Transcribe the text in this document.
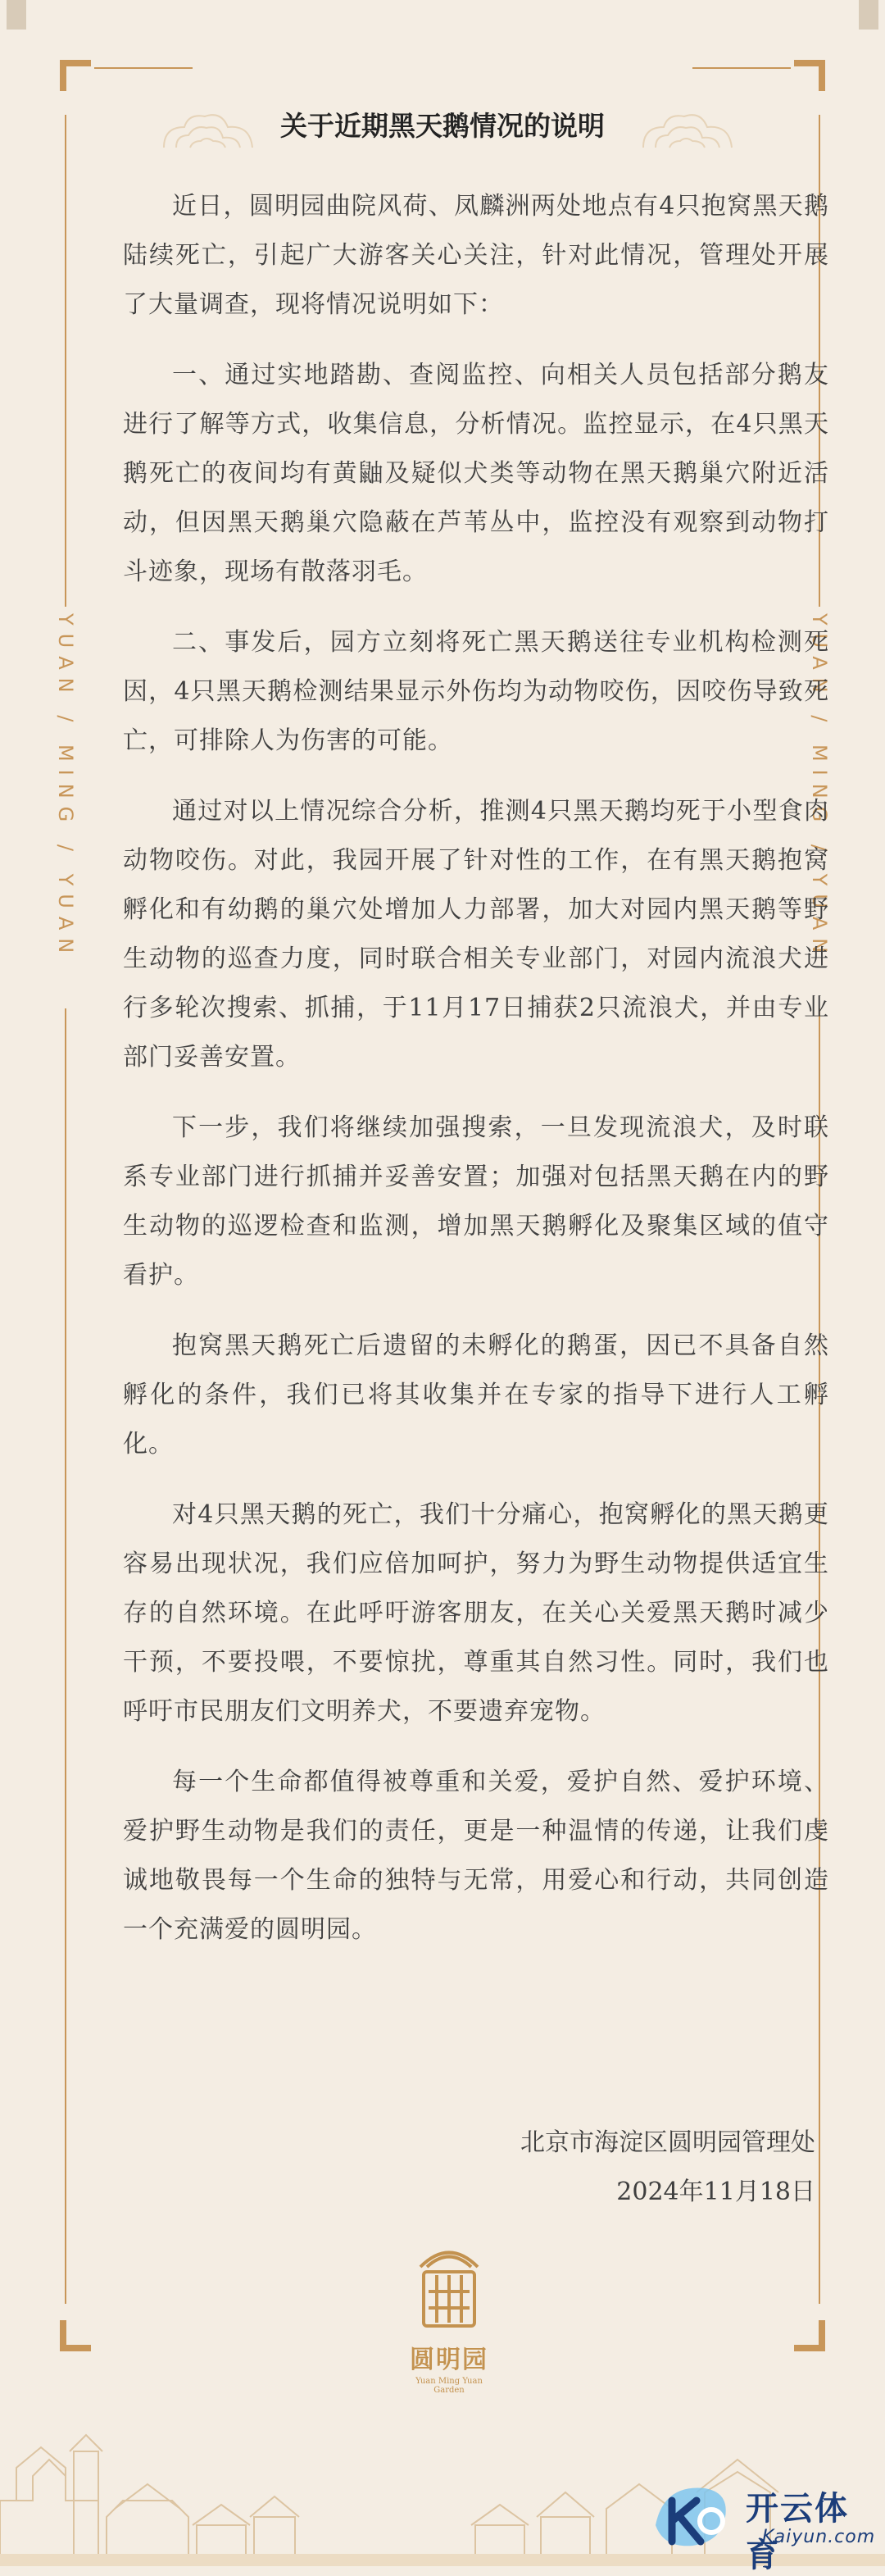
YUAN / MING / YUAN	YUAN / MING / YUAN
关于近期黑天鹅情况的说明

近日，圆明园曲院风荷、凤麟洲两处地点有4只抱窝黑天鹅陆续死亡，引起广大游客关心关注，针对此情况，管理处开展了大量调查，现将情况说明如下：

一、通过实地踏勘、查阅监控、向相关人员包括部分鹅友进行了解等方式，收集信息，分析情况。监控显示，在4只黑天鹅死亡的夜间均有黄鼬及疑似犬类等动物在黑天鹅巢穴附近活动，但因黑天鹅巢穴隐蔽在芦苇丛中，监控没有观察到动物打斗迹象，现场有散落羽毛。

二、事发后，园方立刻将死亡黑天鹅送往专业机构检测死因，4只黑天鹅检测结果显示外伤均为动物咬伤，因咬伤导致死亡，可排除人为伤害的可能。

通过对以上情况综合分析，推测4只黑天鹅均死于小型食肉动物咬伤。对此，我园开展了针对性的工作，在有黑天鹅抱窝孵化和有幼鹅的巢穴处增加人力部署，加大对园内黑天鹅等野生动物的巡查力度，同时联合相关专业部门，对园内流浪犬进行多轮次搜索、抓捕，于11月17日捕获2只流浪犬，并由专业部门妥善安置。

下一步，我们将继续加强搜索，一旦发现流浪犬，及时联系专业部门进行抓捕并妥善安置；加强对包括黑天鹅在内的野生动物的巡逻检查和监测，增加黑天鹅孵化及聚集区域的值守看护。

抱窝黑天鹅死亡后遗留的未孵化的鹅蛋，因已不具备自然孵化的条件，我们已将其收集并在专家的指导下进行人工孵化。

对4只黑天鹅的死亡，我们十分痛心，抱窝孵化的黑天鹅更容易出现状况，我们应倍加呵护，努力为野生动物提供适宜生存的自然环境。在此呼吁游客朋友，在关心关爱黑天鹅时减少干预，不要投喂，不要惊扰，尊重其自然习性。同时，我们也呼吁市民朋友们文明养犬，不要遗弃宠物。

每一个生命都值得被尊重和关爱，爱护自然、爱护环境、爱护野生动物是我们的责任，更是一种温情的传递，让我们虔诚地敬畏每一个生命的独特与无常，用爱心和行动，共同创造一个充满爱的圆明园。

北京市海淀区圆明园管理处
2024年11月18日
圆明园
Yuan Ming Yuan Garden
开云体育
Kaiyun.com
